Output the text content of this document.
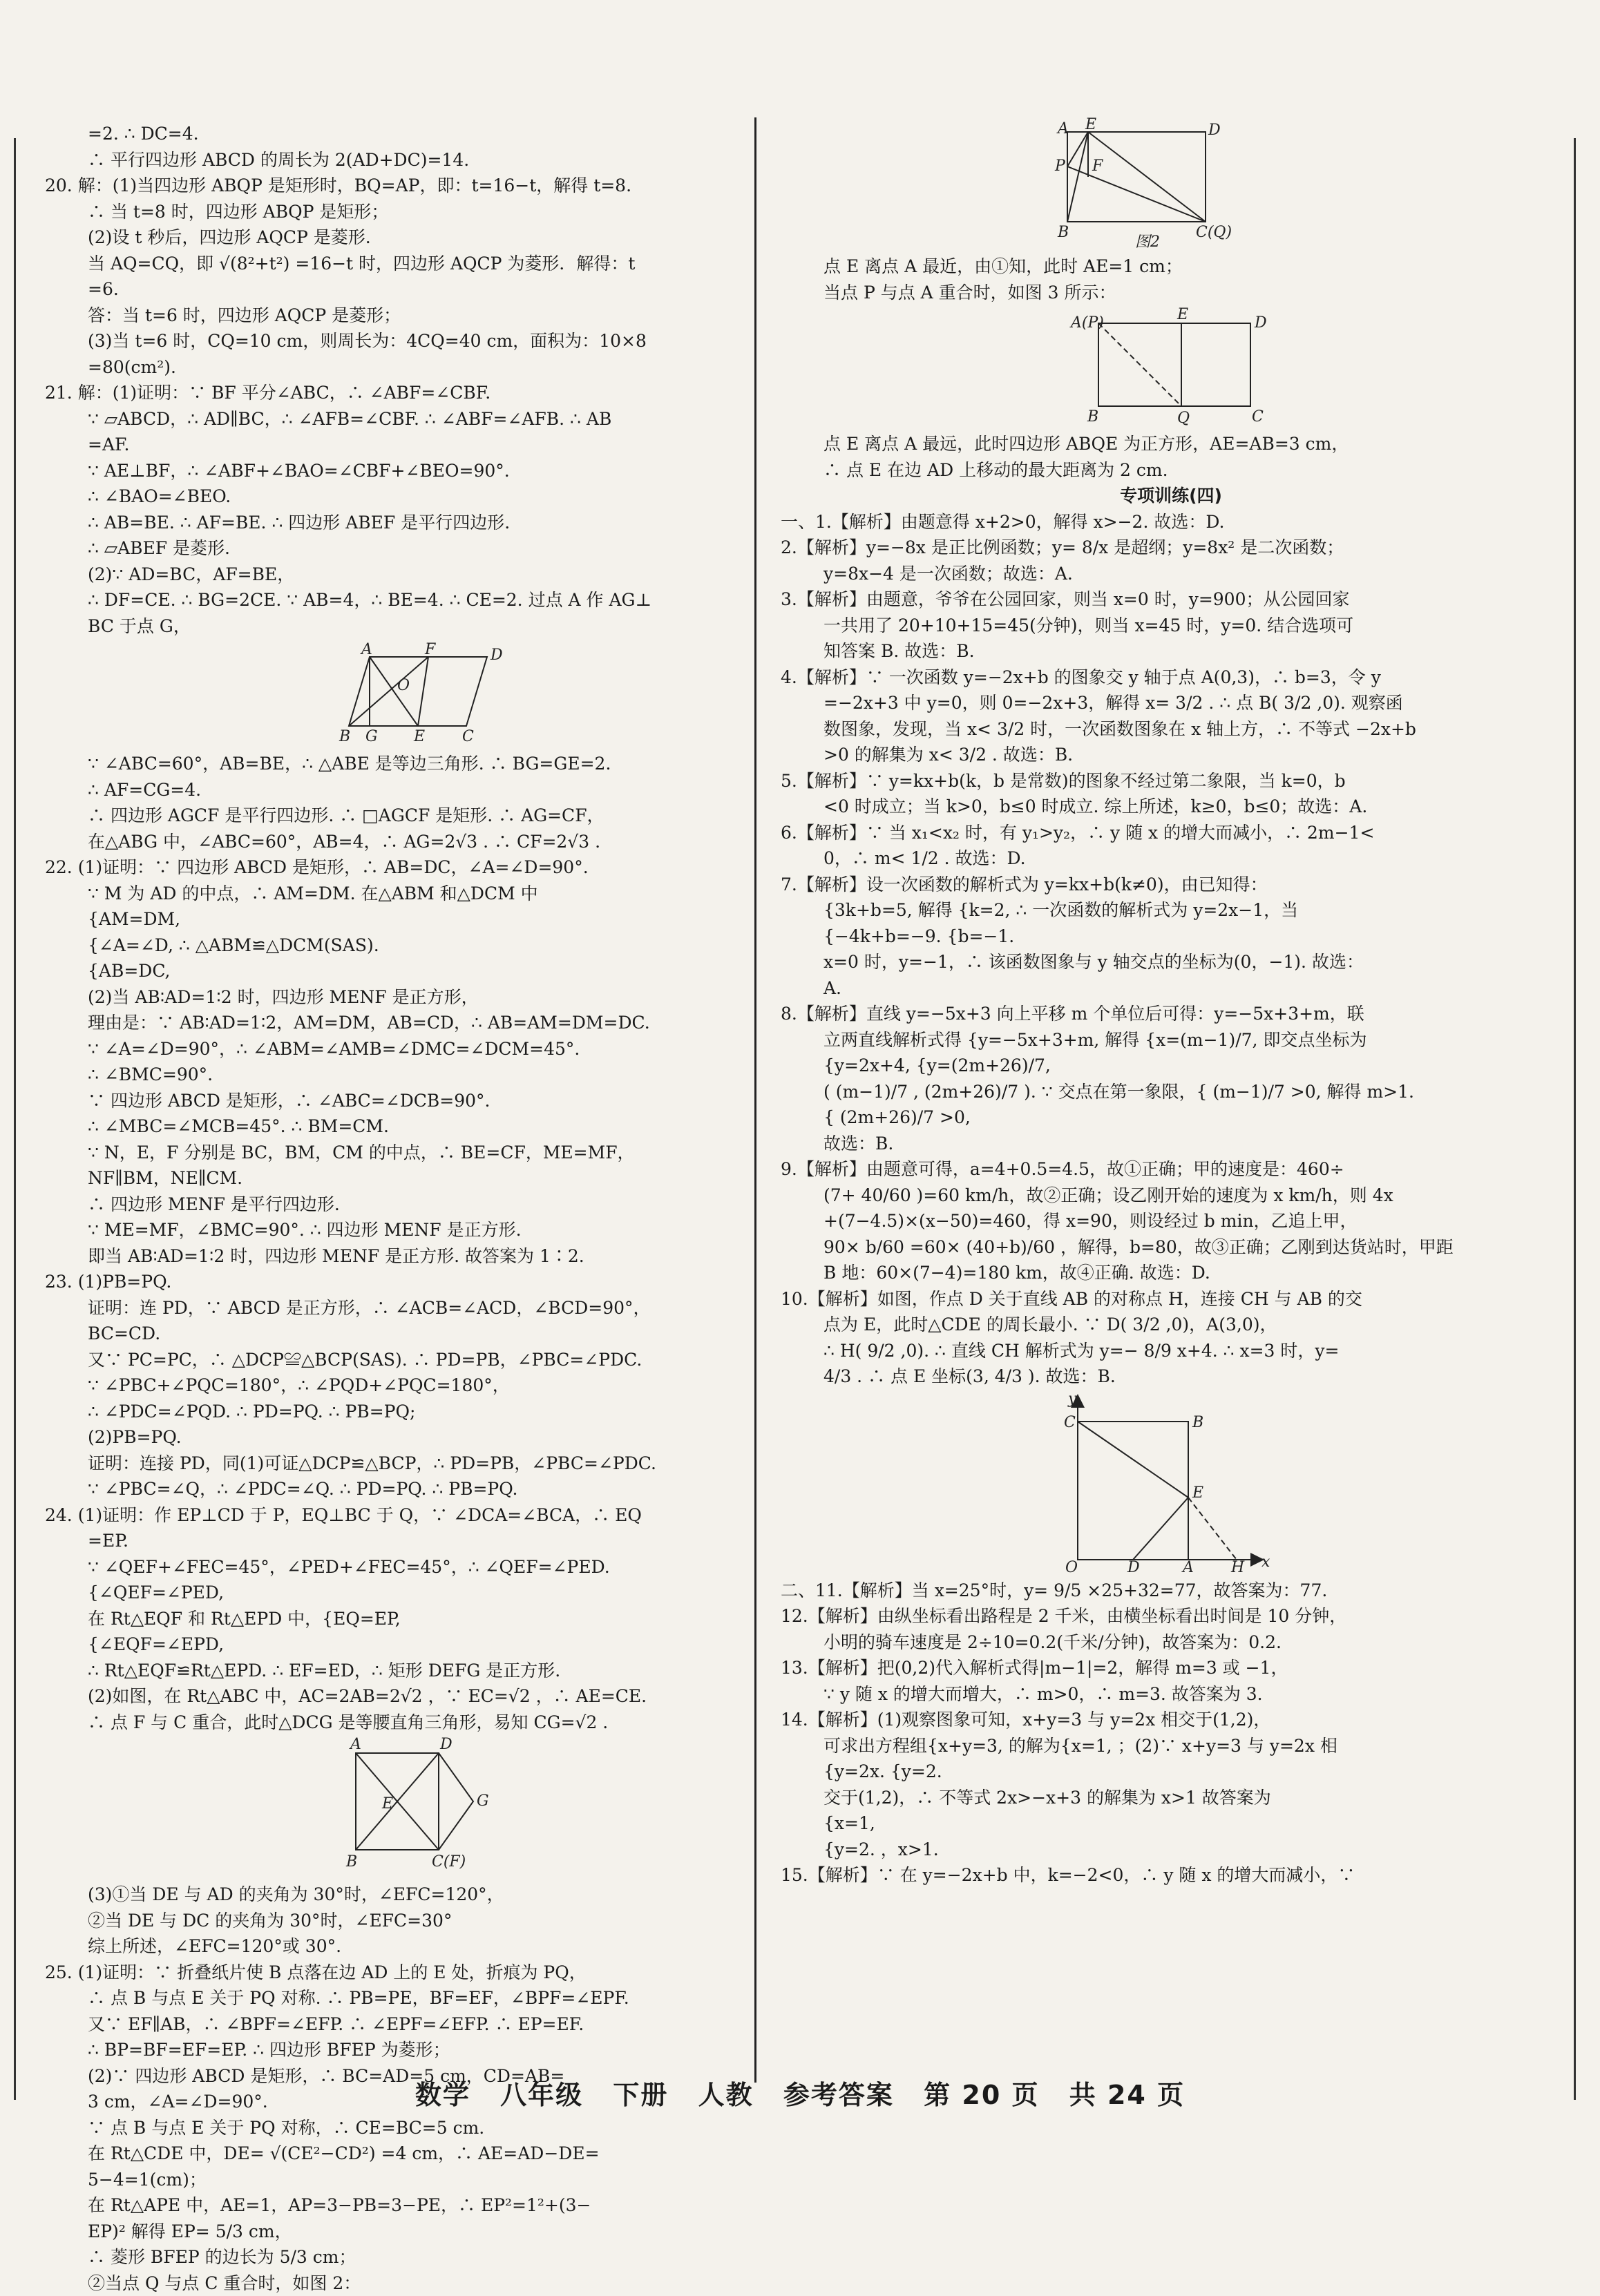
=2. ∴ DC=4.
∴ 平行四边形 ABCD 的周长为 2(AD+DC)=14.
20. 解：(1)当四边形 ABQP 是矩形时，BQ=AP，即：t=16−t，解得 t=8.
∴ 当 t=8 时，四边形 ABQP 是矩形；
(2)设 t 秒后，四边形 AQCP 是菱形.
当 AQ=CQ，即 √(8²+t²) =16−t 时，四边形 AQCP 为菱形．解得：t
=6.
答：当 t=6 时，四边形 AQCP 是菱形；
(3)当 t=6 时，CQ=10 cm，则周长为：4CQ=40 cm，面积为：10×8
=80(cm²).
21. 解：(1)证明：∵ BF 平分∠ABC，∴ ∠ABF=∠CBF.
∵ ▱ABCD，∴ AD∥BC，∴ ∠AFB=∠CBF. ∴ ∠ABF=∠AFB. ∴ AB
=AF.
∵ AE⊥BF，∴ ∠ABF+∠BAO=∠CBF+∠BEO=90°.
∴ ∠BAO=∠BEO.
∴ AB=BE. ∴ AF=BE. ∴ 四边形 ABEF 是平行四边形.
∴ ▱ABEF 是菱形.
(2)∵ AD=BC，AF=BE，
∴ DF=CE. ∴ BG=2CE. ∵ AB=4，∴ BE=4. ∴ CE=2. 过点 A 作 AG⊥
BC 于点 G，
A	F	D
O
B G E C
∵ ∠ABC=60°，AB=BE，∴ △ABE 是等边三角形. ∴ BG=GE=2.
∴ AF=CG=4.
∴ 四边形 AGCF 是平行四边形. ∴ □AGCF 是矩形. ∴ AG=CF，
在△ABG 中，∠ABC=60°，AB=4，∴ AG=2√3 . ∴ CF=2√3 .
22. (1)证明：∵ 四边形 ABCD 是矩形，∴ AB=DC，∠A=∠D=90°.
∵ M 为 AD 的中点，∴ AM=DM. 在△ABM 和△DCM 中
{AM=DM,
{∠A=∠D, ∴ △ABM≌△DCM(SAS).
{AB=DC,
(2)当 AB∶AD=1∶2 时，四边形 MENF 是正方形，
理由是：∵ AB∶AD=1∶2，AM=DM，AB=CD，∴ AB=AM=DM=DC.
∵ ∠A=∠D=90°，∴ ∠ABM=∠AMB=∠DMC=∠DCM=45°.
∴ ∠BMC=90°.
∵ 四边形 ABCD 是矩形，∴ ∠ABC=∠DCB=90°.
∴ ∠MBC=∠MCB=45°. ∴ BM=CM.
∵ N，E，F 分别是 BC，BM，CM 的中点，∴ BE=CF，ME=MF，
NF∥BM，NE∥CM.
∴ 四边形 MENF 是平行四边形.
∵ ME=MF，∠BMC=90°. ∴ 四边形 MENF 是正方形.
即当 AB∶AD=1∶2 时，四边形 MENF 是正方形. 故答案为 1∶2.
23. (1)PB=PQ.
证明：连 PD，∵ ABCD 是正方形，∴ ∠ACB=∠ACD，∠BCD=90°，
BC=CD.
又∵ PC=PC，∴ △DCP≌△BCP(SAS). ∴ PD=PB，∠PBC=∠PDC.
∵ ∠PBC+∠PQC=180°，∴ ∠PQD+∠PQC=180°，
∴ ∠PDC=∠PQD. ∴ PD=PQ. ∴ PB=PQ;
(2)PB=PQ.
证明：连接 PD，同(1)可证△DCP≌△BCP，∴ PD=PB，∠PBC=∠PDC.
∵ ∠PBC=∠Q，∴ ∠PDC=∠Q. ∴ PD=PQ. ∴ PB=PQ.
24. (1)证明：作 EP⊥CD 于 P，EQ⊥BC 于 Q，∵ ∠DCA=∠BCA，∴ EQ
=EP.
∵ ∠QEF+∠FEC=45°，∠PED+∠FEC=45°，∴ ∠QEF=∠PED.
{∠QEF=∠PED,
在 Rt△EQF 和 Rt△EPD 中，{EQ=EP,
{∠EQF=∠EPD,
∴ Rt△EQF≌Rt△EPD. ∴ EF=ED，∴ 矩形 DEFG 是正方形.
(2)如图，在 Rt△ABC 中，AC=2AB=2√2 ，∵ EC=√2 ，∴ AE=CE.
∴ 点 F 与 C 重合，此时△DCG 是等腰直角三角形，易知 CG=√2 .
A	D
E	G
B	C(F)
(3)①当 DE 与 AD 的夹角为 30°时，∠EFC=120°，
②当 DE 与 DC 的夹角为 30°时，∠EFC=30°
综上所述，∠EFC=120°或 30°.
25. (1)证明：∵ 折叠纸片使 B 点落在边 AD 上的 E 处，折痕为 PQ，
∴ 点 B 与点 E 关于 PQ 对称. ∴ PB=PE，BF=EF，∠BPF=∠EPF.
又∵ EF∥AB，∴ ∠BPF=∠EFP. ∴ ∠EPF=∠EFP. ∴ EP=EF.
∴ BP=BF=EF=EP. ∴ 四边形 BFEP 为菱形；
(2)∵ 四边形 ABCD 是矩形，∴ BC=AD=5 cm，CD=AB=
3 cm，∠A=∠D=90°.
∵ 点 B 与点 E 关于 PQ 对称，∴ CE=BC=5 cm.
在 Rt△CDE 中，DE= √(CE²−CD²) =4 cm，∴ AE=AD−DE=
5−4=1(cm)；
在 Rt△APE 中，AE=1，AP=3−PB=3−PE，∴ EP²=1²+(3−
EP)² 解得 EP= 5/3 cm，
∴ 菱形 BFEP 的边长为 5/3 cm；
②当点 Q 与点 C 重合时，如图 2：
A E	D
P F
B	C(Q)
图2
点 E 离点 A 最近，由①知，此时 AE=1 cm；
当点 P 与点 A 重合时，如图 3 所示：
A(P)	E	D
B	Q	C
点 E 离点 A 最远，此时四边形 ABQE 为正方形，AE=AB=3 cm，
∴ 点 E 在边 AD 上移动的最大距离为 2 cm.
专项训练(四)
一、1.【解析】由题意得 x+2>0，解得 x>−2. 故选：D.
2.【解析】y=−8x 是正比例函数；y= 8/x 是超纲；y=8x² 是二次函数；
y=8x−4 是一次函数；故选：A.
3.【解析】由题意，爷爷在公园回家，则当 x=0 时，y=900；从公园回家
一共用了 20+10+15=45(分钟)，则当 x=45 时，y=0. 结合选项可
知答案 B. 故选：B.
4.【解析】∵ 一次函数 y=−2x+b 的图象交 y 轴于点 A(0,3)，∴ b=3，令 y
=−2x+3 中 y=0，则 0=−2x+3，解得 x= 3/2 . ∴ 点 B( 3/2 ,0). 观察函
数图象，发现，当 x< 3/2 时，一次函数图象在 x 轴上方，∴ 不等式 −2x+b
>0 的解集为 x< 3/2 . 故选：B.
5.【解析】∵ y=kx+b(k，b 是常数)的图象不经过第二象限，当 k=0，b
<0 时成立；当 k>0，b≤0 时成立. 综上所述，k≥0，b≤0；故选：A.
6.【解析】∵ 当 x₁<x₂ 时，有 y₁>y₂，∴ y 随 x 的增大而减小，∴ 2m−1<
0，∴ m< 1/2 . 故选：D.
7.【解析】设一次函数的解析式为 y=kx+b(k≠0)，由已知得：
{3k+b=5, 解得 {k=2, ∴ 一次函数的解析式为 y=2x−1，当
{−4k+b=−9. {b=−1.
x=0 时，y=−1，∴ 该函数图象与 y 轴交点的坐标为(0，−1). 故选：
A.
8.【解析】直线 y=−5x+3 向上平移 m 个单位后可得：y=−5x+3+m，联
立两直线解析式得 {y=−5x+3+m, 解得 {x=(m−1)/7, 即交点坐标为
{y=2x+4, {y=(2m+26)/7,
( (m−1)/7 , (2m+26)/7 ). ∵ 交点在第一象限，{ (m−1)/7 >0, 解得 m>1.
{ (2m+26)/7 >0,
故选：B.
9.【解析】由题意可得，a=4+0.5=4.5，故①正确；甲的速度是：460÷
(7+ 40/60 )=60 km/h，故②正确；设乙刚开始的速度为 x km/h，则 4x
+(7−4.5)×(x−50)=460，得 x=90，则设经过 b min，乙追上甲，
90× b/60 =60× (40+b)/60 ，解得，b=80，故③正确；乙刚到达货站时，甲距
B 地：60×(7−4)=180 km，故④正确. 故选：D.
10.【解析】如图，作点 D 关于直线 AB 的对称点 H，连接 CH 与 AB 的交
点为 E，此时△CDE 的周长最小. ∵ D( 3/2 ,0)，A(3,0)，
∴ H( 9/2 ,0). ∴ 直线 CH 解析式为 y=− 8/9 x+4. ∴ x=3 时，y=
4/3 . ∴ 点 E 坐标(3, 4/3 ). 故选：B.
y
C	B
E
O	D	A H x
二、11.【解析】当 x=25°时，y= 9/5 ×25+32=77，故答案为：77.
12.【解析】由纵坐标看出路程是 2 千米，由横坐标看出时间是 10 分钟，
小明的骑车速度是 2÷10=0.2(千米/分钟)，故答案为：0.2.
13.【解析】把(0,2)代入解析式得|m−1|=2，解得 m=3 或 −1，
∵ y 随 x 的增大而增大，∴ m>0，∴ m=3. 故答案为 3.
14.【解析】(1)观察图象可知，x+y=3 与 y=2x 相交于(1,2)，
可求出方程组{x+y=3, 的解为{x=1, ；(2)∵ x+y=3 与 y=2x 相
{y=2x. {y=2.
交于(1,2)，∴ 不等式 2x>−x+3 的解集为 x>1 故答案为
{x=1,
{y=2. ，x>1.
15.【解析】∵ 在 y=−2x+b 中，k=−2<0，∴ y 随 x 的增大而减小，∵
数学 八年级 下册 人教 参考答案 第 20 页 共 24 页
